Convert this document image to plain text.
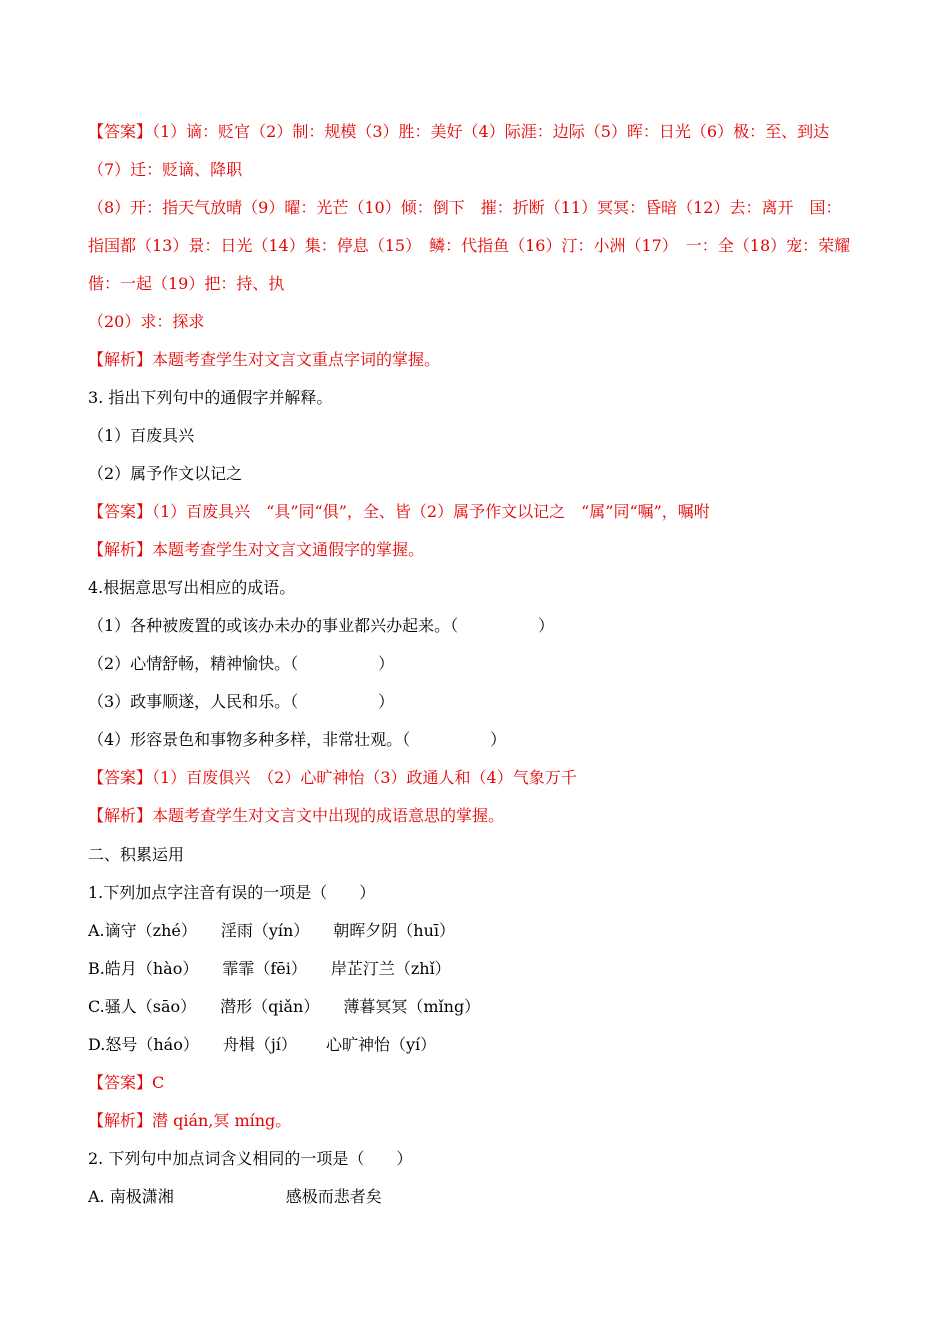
【答案】（1）谪：贬官（2）制：规模（3）胜：美好（4）际涯：边际（5）晖：日光（6）极：至、到达
（7）迁：贬谪、降职
（8）开：指天气放晴（9）曜：光芒（10）倾：倒下　摧：折断（11）冥冥：昏暗（12）去：离开　国：
指国都（13）景：日光（14）集：停息（15）　鳞：代指鱼（16）汀：小洲（17）　一：全（18）宠：荣耀
偕：一起（19）把：持、执
（20）求：探求
【解析】本题考查学生对文言文重点字词的掌握。
3. 指出下列句中的通假字并解释。
（1）百废具兴
（2）属予作文以记之
【答案】（1）百废具兴　“具”同“俱”，全、皆（2）属予作文以记之　“属”同“嘱”，嘱咐
【解析】本题考查学生对文言文通假字的掌握。
4.根据意思写出相应的成语。
（1）各种被废置的或该办未办的事业都兴办起来。（　　　　　）
（2）心情舒畅，精神愉快。（　　　　　）
（3）政事顺遂，人民和乐。（　　　　　）
（4）形容景色和事物多种多样，非常壮观。（　　　　　）
【答案】（1）百废俱兴　（2）心旷神怡（3）政通人和（4）气象万千
【解析】本题考查学生对文言文中出现的成语意思的掌握。
二、积累运用
1.下列加点字注音有误的一项是（　　）
A.谪守（zhé）　　淫雨（yín）　　朝晖夕阴（huī）
B.皓月（hào）　　霏霏（fēi）　　岸芷汀兰（zhǐ）
C.骚人（sāo）　　潜形（qiǎn）　　薄暮冥冥（mǐng）
D.怒号（háo）　　舟楫（jí）　　 心旷神怡（yí）
【答案】C
【解析】潜 qián,冥 míng。
2. 下列句中加点词含义相同的一项是（　　）
A. 南极潇湘　　　　　　　感极而悲者矣
